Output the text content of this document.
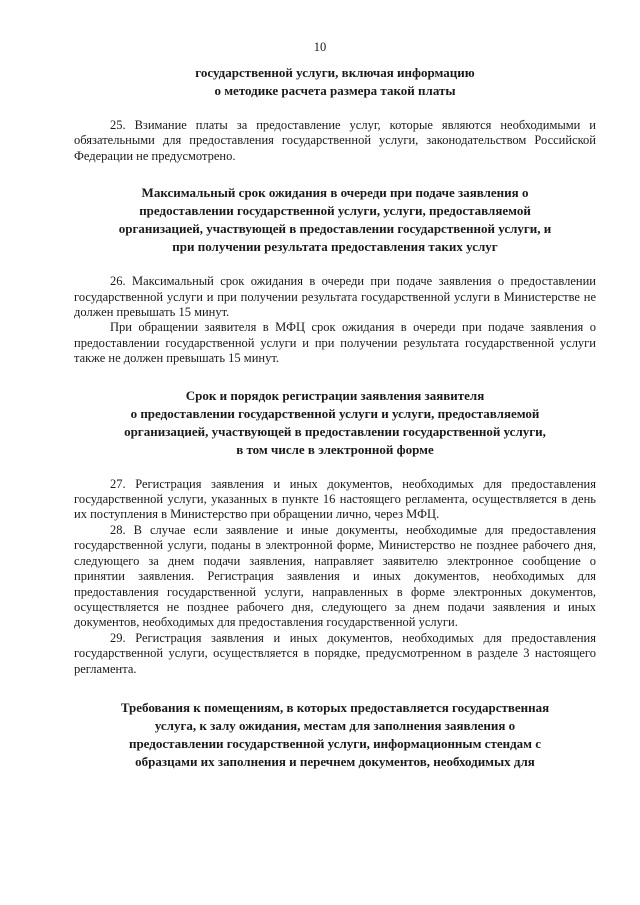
10
государственной услуги, включая информацию
о методике расчета размера такой платы

25. Взимание платы за предоставление услуг, которые являются необходимыми и обязательными для предоставления государственной услуги, законодательством Российской Федерации не предусмотрено.

Максимальный срок ожидания в очереди при подаче заявления о
предоставлении государственной услуги, услуги, предоставляемой
организацией, участвующей в предоставлении государственной услуги, и
при получении результата предоставления таких услуг

26. Максимальный срок ожидания в очереди при подаче заявления о предоставлении государственной услуги и при получении результата государственной услуги в Министерстве не должен превышать 15 минут.

При обращении заявителя в МФЦ срок ожидания в очереди при подаче заявления о предоставлении государственной услуги и при получении результата государственной услуги также не должен превышать 15 минут.

Срок и порядок регистрации заявления заявителя
о предоставлении государственной услуги и услуги, предоставляемой
организацией, участвующей в предоставлении государственной услуги,
в том числе в электронной форме

27. Регистрация заявления и иных документов, необходимых для предоставления государственной услуги, указанных в пункте 16 настоящего регламента, осуществляется в день их поступления в Министерство при обращении лично, через МФЦ.

28. В случае если заявление и иные документы, необходимые для предоставления государственной услуги, поданы в электронной форме, Министерство не позднее рабочего дня, следующего за днем подачи заявления, направляет заявителю электронное сообщение о принятии заявления. Регистрация заявления и иных документов, необходимых для предоставления государственной услуги, направленных в форме электронных документов, осуществляется не позднее рабочего дня, следующего за днем подачи заявления и иных документов, необходимых для предоставления государственной услуги.

29. Регистрация заявления и иных документов, необходимых для предоставления государственной услуги, осуществляется в порядке, предусмотренном в разделе 3 настоящего регламента.

Требования к помещениям, в которых предоставляется государственная
услуга, к залу ожидания, местам для заполнения заявления о
предоставлении государственной услуги, информационным стендам с
образцами их заполнения и перечнем документов, необходимых для
